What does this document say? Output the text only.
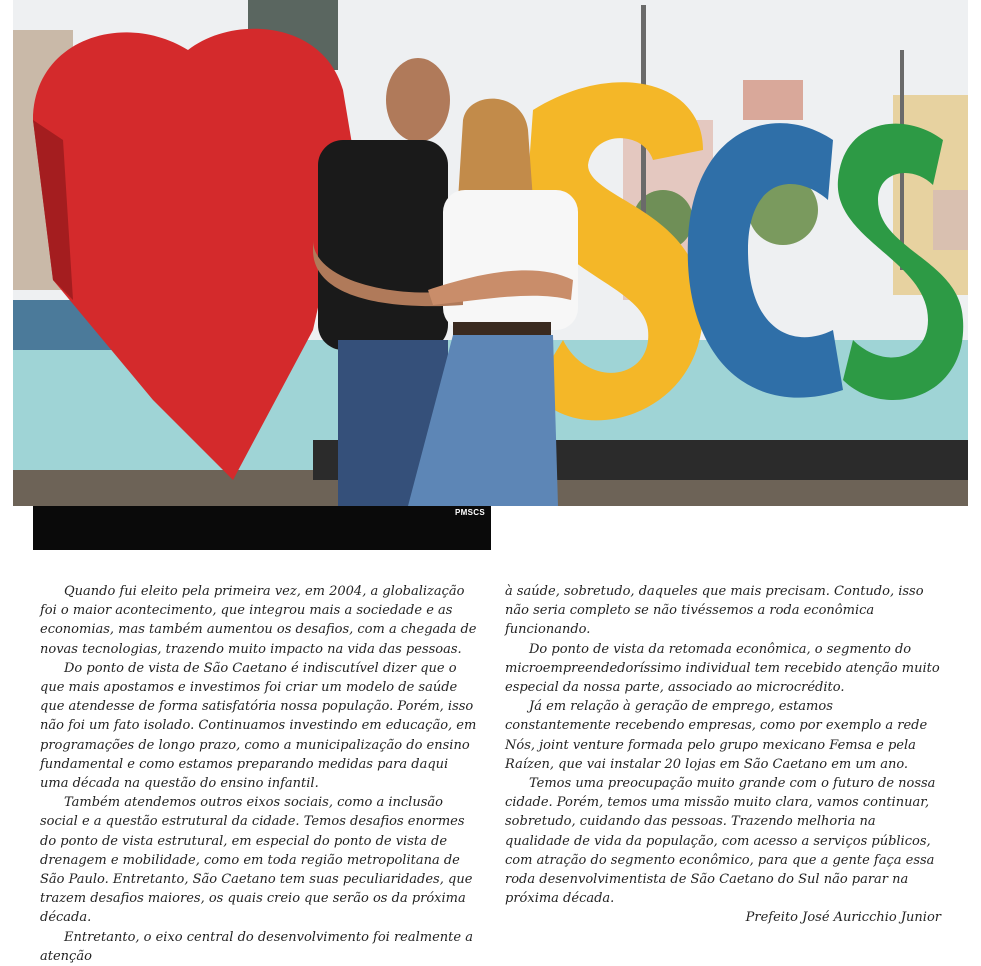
PMSCS

Quando fui eleito pela primeira vez, em 2004, a globalização foi o maior acontecimento, que integrou mais a sociedade e as economias, mas também aumentou os desafios, com a chegada de novas tecnologias, trazendo muito impacto na vida das pessoas.

Do ponto de vista de São Caetano é indiscutível dizer que o que mais apostamos e investimos foi criar um modelo de saúde que atendesse de forma satisfatória nossa população. Porém, isso não foi um fato isolado. Continuamos investindo em educação, em programações de longo prazo, como a municipalização do ensino fundamental e como estamos preparando medidas para daqui uma década na questão do ensino infantil.

Também atendemos outros eixos sociais, como a inclusão social e a questão estrutural da cidade. Temos desafios enormes do ponto de vista estrutural, em especial do ponto de vista de drenagem e mobilidade, como em toda região metropolitana de São Paulo. Entretanto, São Caetano tem suas peculiaridades, que trazem desafios maiores, os quais creio que serão os da próxima década.

Entretanto, o eixo central do desenvolvimento foi realmente a atenção

à saúde, sobretudo, daqueles que mais precisam. Contudo, isso não seria completo se não tivéssemos a roda econômica funcionando.

Do ponto de vista da retomada econômica, o segmento do microempreendedoríssimo individual tem recebido atenção muito especial da nossa parte, associado ao microcrédito.

Já em relação à geração de emprego, estamos constantemente recebendo empresas, como por exemplo a rede Nós, joint venture formada pelo grupo mexicano Femsa e pela Raízen, que vai instalar 20 lojas em São Caetano em um ano.

Temos uma preocupação muito grande com o futuro de nossa cidade. Porém, temos uma missão muito clara, vamos continuar, sobretudo, cuidando das pessoas. Trazendo melhoria na qualidade de vida da população, com acesso a serviços públicos, com atração do segmento econômico, para que a gente faça essa roda desenvolvimentista de São Caetano do Sul não parar na próxima década.

Prefeito José Auricchio Junior
